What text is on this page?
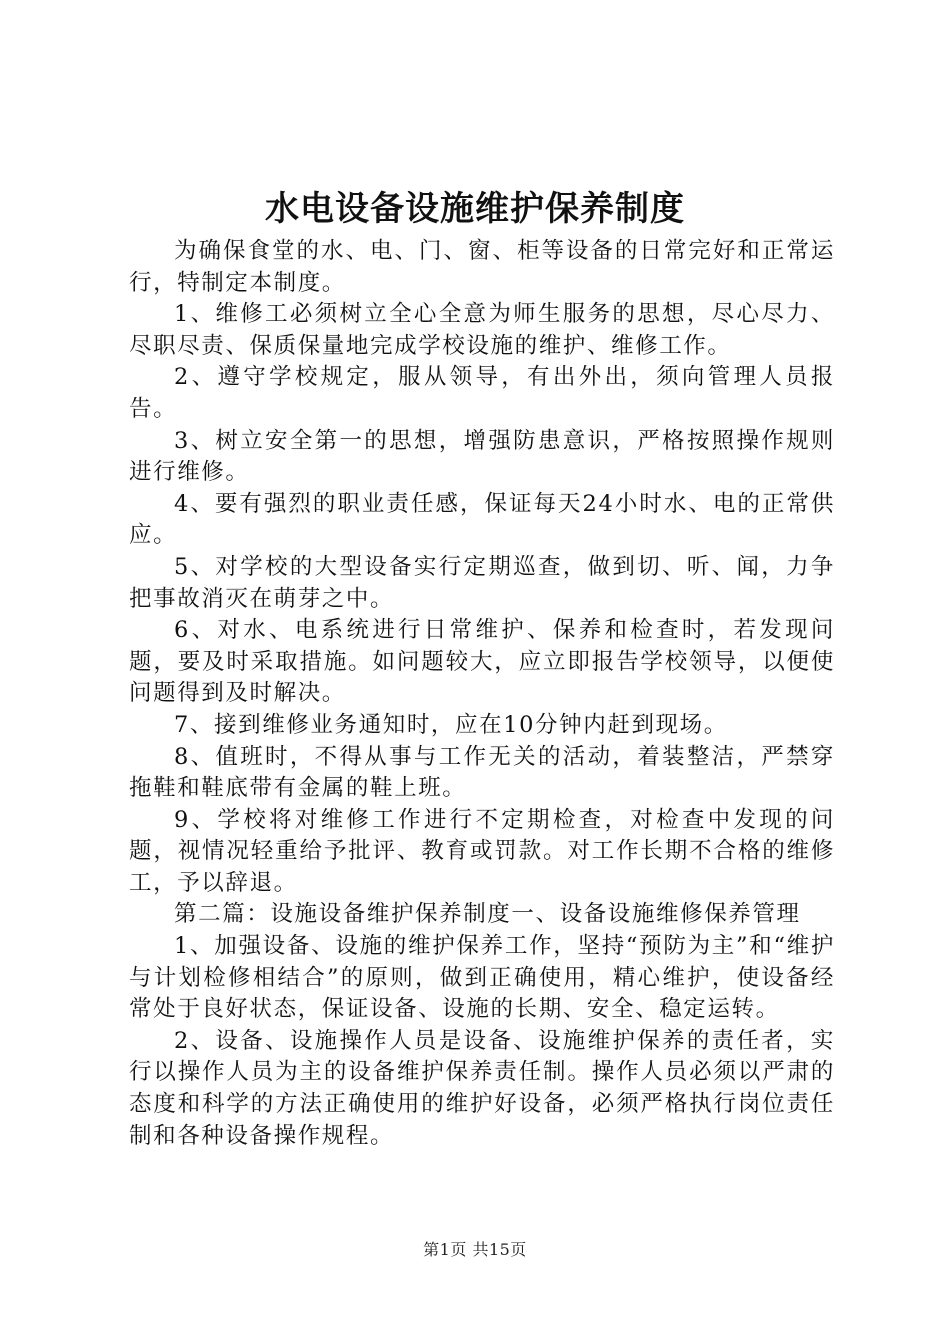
水电设备设施维护保养制度

为确保食堂的水、电、门、窗、柜等设备的日常完好和正常运行，特制定本制度。

1、维修工必须树立全心全意为师生服务的思想，尽心尽力、尽职尽责、保质保量地完成学校设施的维护、维修工作。

2、遵守学校规定，服从领导，有出外出，须向管理人员报告。

3、树立安全第一的思想，增强防患意识，严格按照操作规则进行维修。

4、要有强烈的职业责任感，保证每天24小时水、电的正常供应。

5、对学校的大型设备实行定期巡查，做到切、听、闻，力争把事故消灭在萌芽之中。

6、对水、电系统进行日常维护、保养和检查时，若发现问题，要及时采取措施。如问题较大，应立即报告学校领导，以便使问题得到及时解决。

7、接到维修业务通知时，应在10分钟内赶到现场。

8、值班时，不得从事与工作无关的活动，着装整洁，严禁穿拖鞋和鞋底带有金属的鞋上班。

9、学校将对维修工作进行不定期检查，对检查中发现的问题，视情况轻重给予批评、教育或罚款。对工作长期不合格的维修工，予以辞退。

第二篇：设施设备维护保养制度一、设备设施维修保养管理

1、加强设备、设施的维护保养工作，坚持“预防为主”和“维护与计划检修相结合”的原则，做到正确使用，精心维护，使设备经常处于良好状态，保证设备、设施的长期、安全、稳定运转。

2、设备、设施操作人员是设备、设施维护保养的责任者，实行以操作人员为主的设备维护保养责任制。操作人员必须以严肃的态度和科学的方法正确使用的维护好设备，必须严格执行岗位责任制和各种设备操作规程。

第1页 共15页
